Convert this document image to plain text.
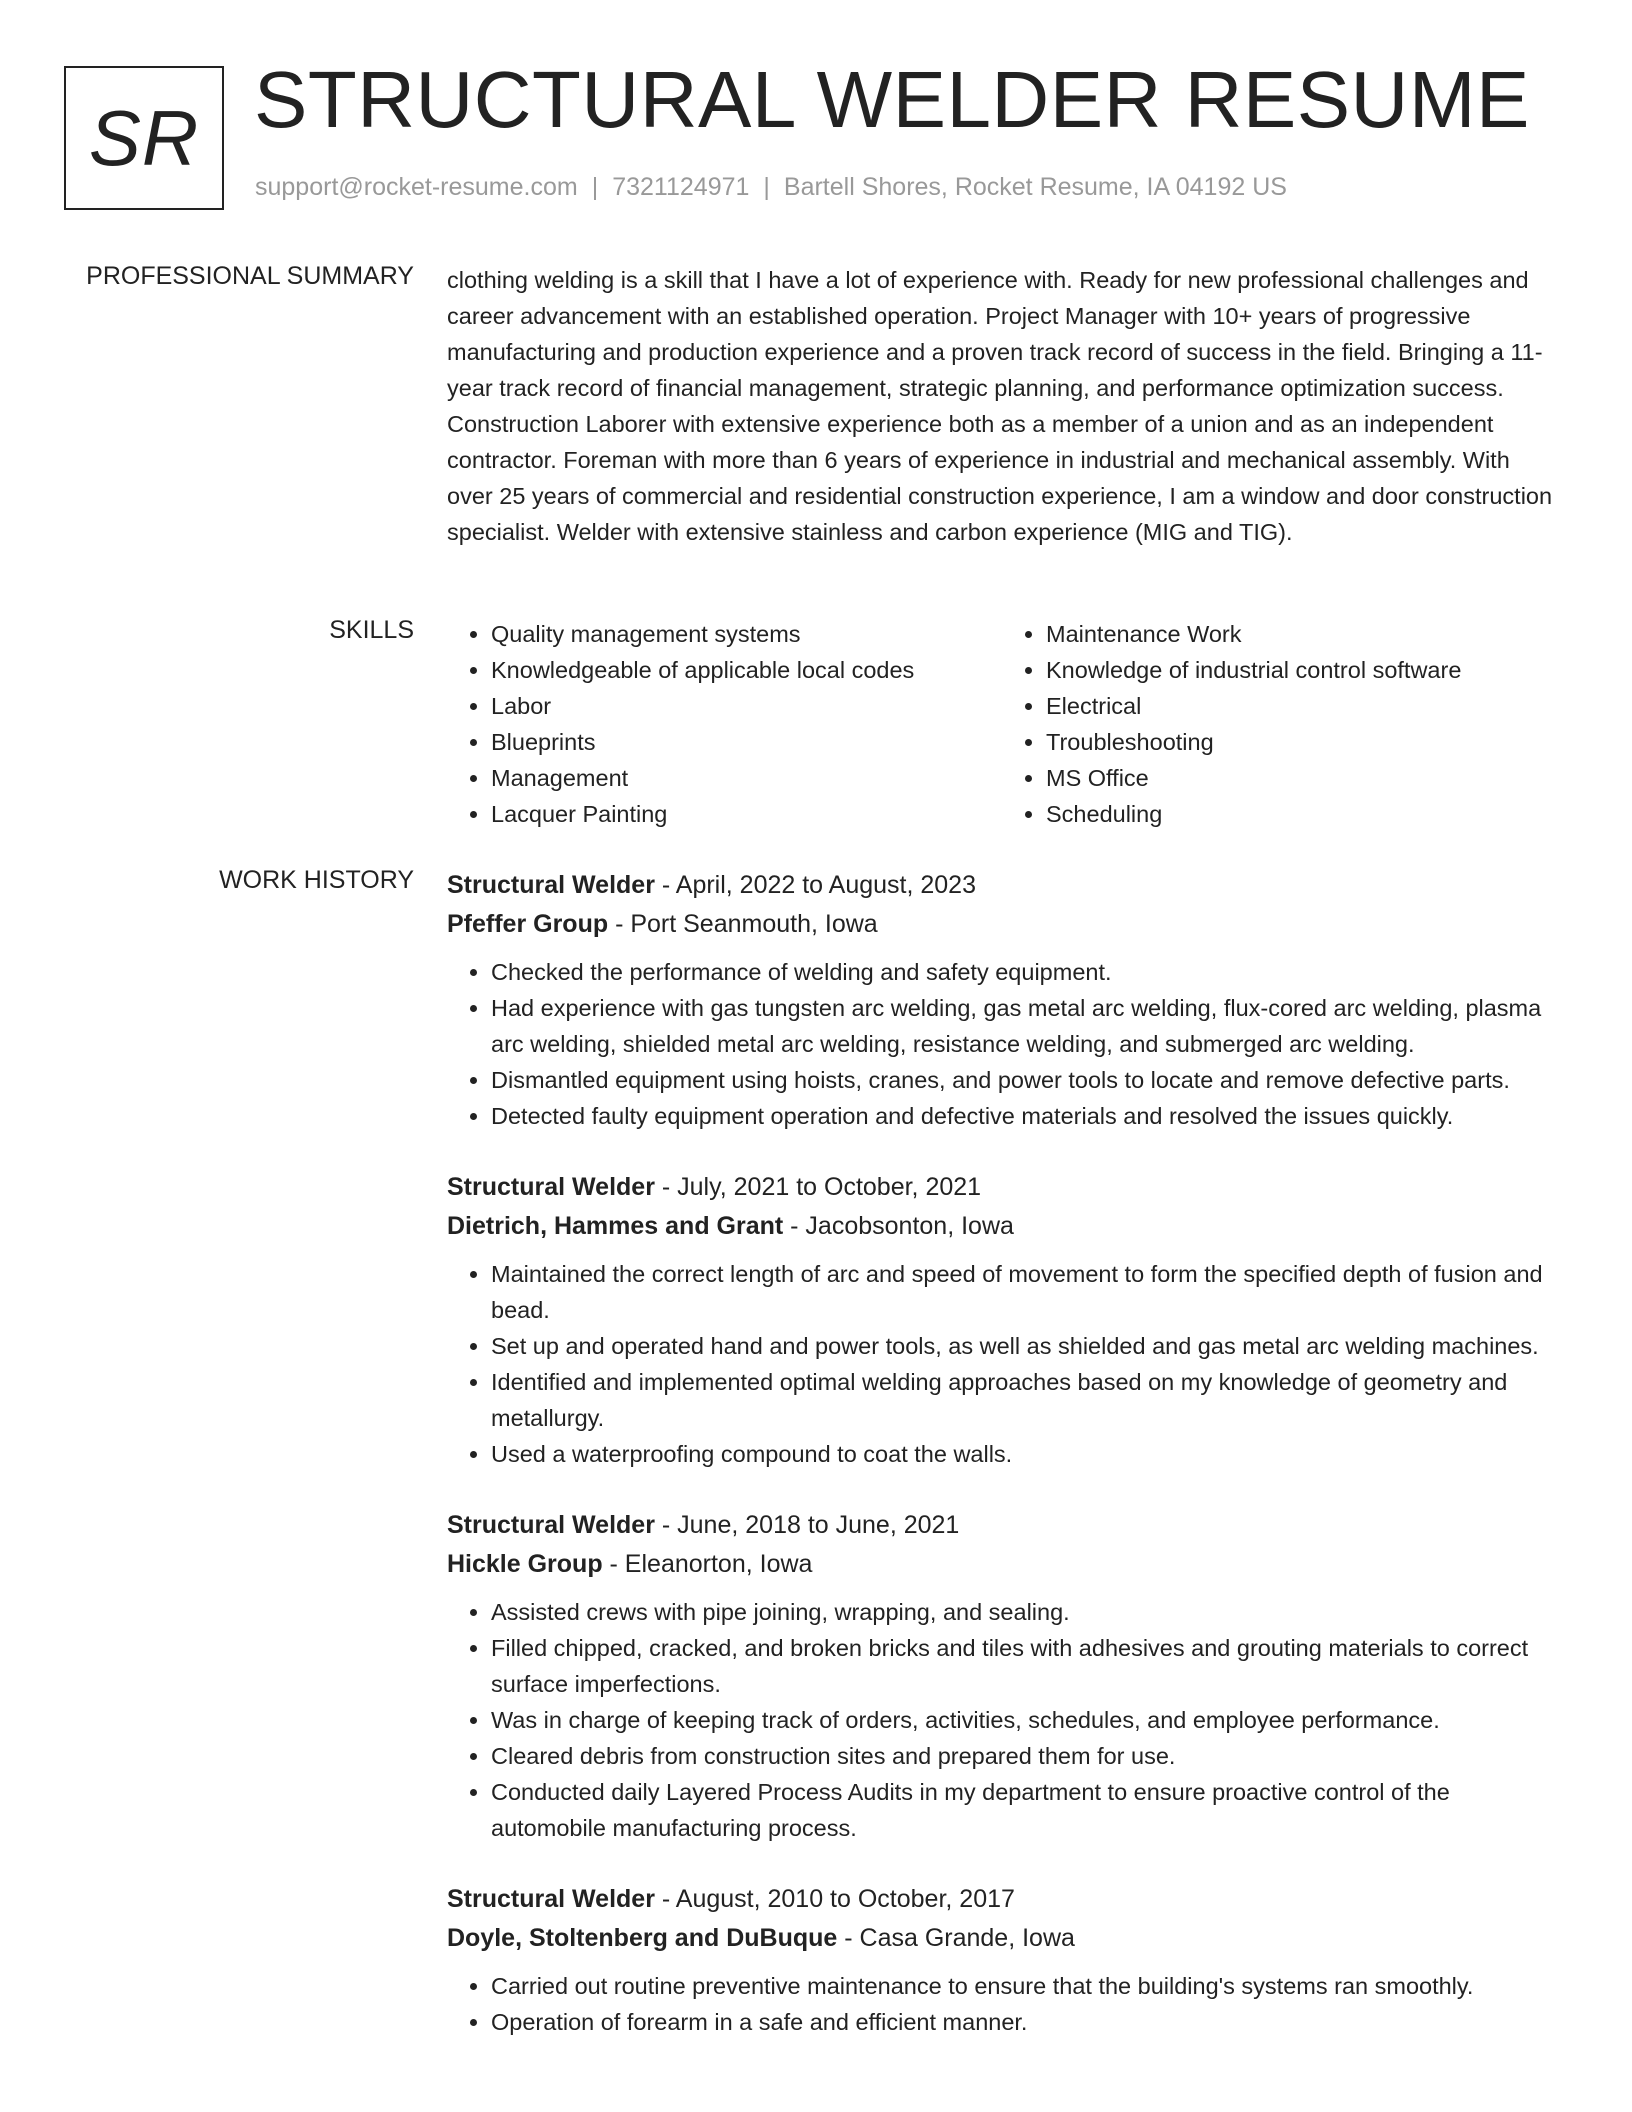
SR STRUCTURAL WELDER RESUME
support@rocket-resume.com | 7321124971 | Bartell Shores, Rocket Resume, IA 04192 US
PROFESSIONAL SUMMARY clothing welding is a skill that I have a lot of experience with. Ready for new professional challenges and career advancement with an established operation. Project Manager with 10+ years of progressive manufacturing and production experience and a proven track record of success in the field. Bringing a 11-year track record of financial management, strategic planning, and performance optimization success. Construction Laborer with extensive experience both as a member of a union and as an independent contractor. Foreman with more than 6 years of experience in industrial and mechanical assembly. With over 25 years of commercial and residential construction experience, I am a window and door construction specialist. Welder with extensive stainless and carbon experience (MIG and TIG).

SKILLS
•	Quality management systems
• Knowledgeable of applicable local codes
• Labor
• Blueprints
• Management
• Lacquer Painting
• Maintenance Work
• Knowledge of industrial control software
• Electrical
• Troubleshooting
• MS Office
• Scheduling
WORK HISTORY Structural Welder - April, 2022 to August, 2023
Pfeffer Group - Port Seanmouth, Iowa
• Checked the performance of welding and safety equipment.
• Had experience with gas tungsten arc welding, gas metal arc welding, flux-cored arc welding, plasma arc welding, shielded metal arc welding, resistance welding, and submerged arc welding.
• Dismantled equipment using hoists, cranes, and power tools to locate and remove defective parts.
• Detected faulty equipment operation and defective materials and resolved the issues quickly.
Structural Welder - July, 2021 to October, 2021
Dietrich, Hammes and Grant - Jacobsonton, Iowa
• Maintained the correct length of arc and speed of movement to form the specified depth of fusion and bead.
• Set up and operated hand and power tools, as well as shielded and gas metal arc welding machines.
• Identified and implemented optimal welding approaches based on my knowledge of geometry and metallurgy.
• Used a waterproofing compound to coat the walls.
Structural Welder - June, 2018 to June, 2021
Hickle Group - Eleanorton, Iowa
• Assisted crews with pipe joining, wrapping, and sealing.
• Filled chipped, cracked, and broken bricks and tiles with adhesives and grouting materials to correct surface imperfections.
• Was in charge of keeping track of orders, activities, schedules, and employee performance.
• Cleared debris from construction sites and prepared them for use.
• Conducted daily Layered Process Audits in my department to ensure proactive control of the automobile manufacturing process.
Structural Welder - August, 2010 to October, 2017
Doyle, Stoltenberg and DuBuque - Casa Grande, Iowa
• Carried out routine preventive maintenance to ensure that the building's systems ran smoothly.
• Operation of forearm in a safe and efficient manner.
